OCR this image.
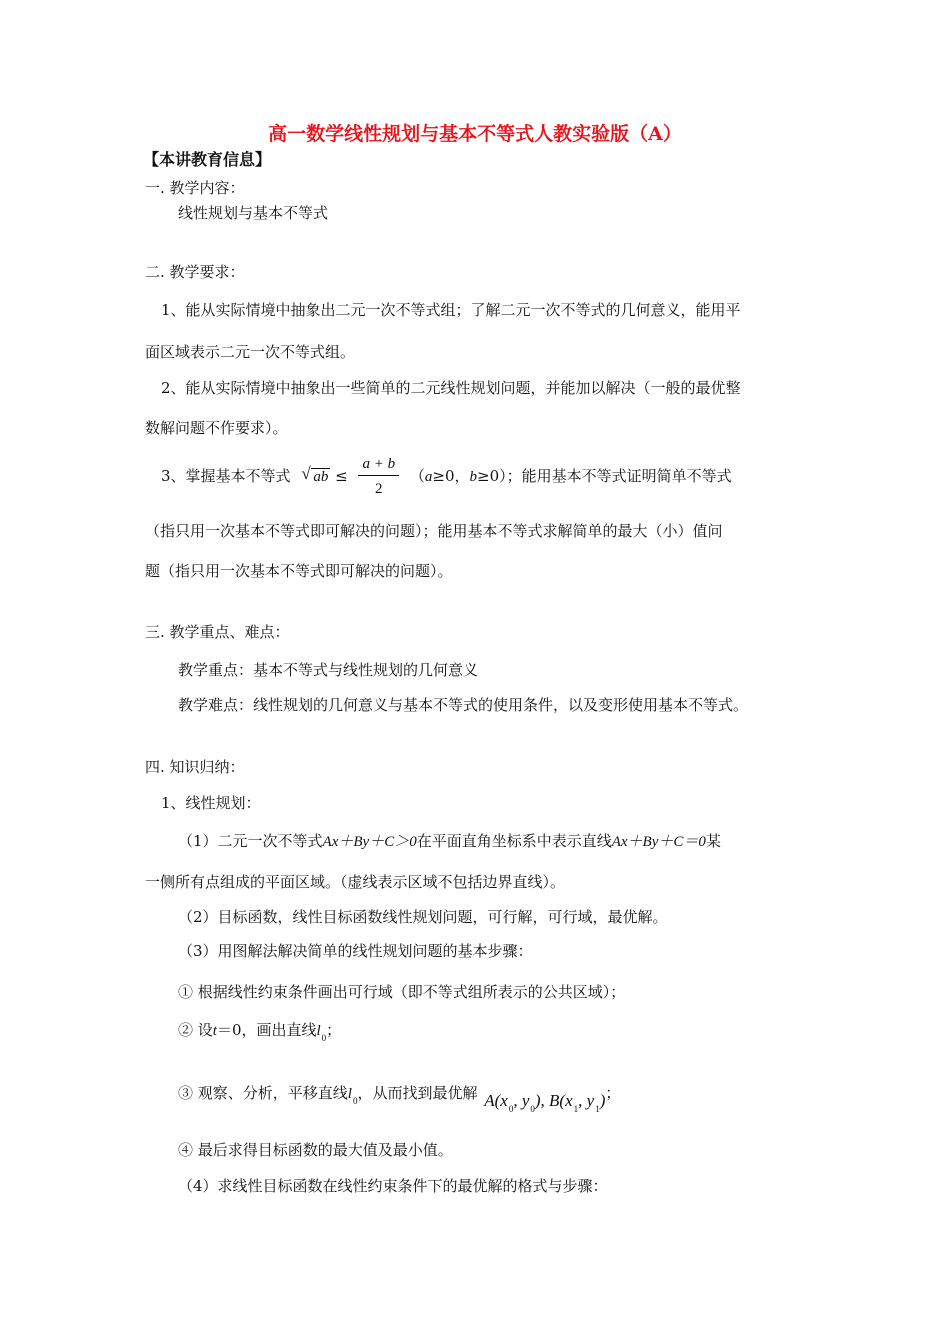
高一数学线性规划与基本不等式人教实验版（A）
【本讲教育信息】
一. 教学内容：
线性规划与基本不等式
二. 教学要求：
1、能从实际情境中抽象出二元一次不等式组；了解二元一次不等式的几何意义，能用平
面区域表示二元一次不等式组。
2、能从实际情境中抽象出一些简单的二元线性规划问题，并能加以解决（一般的最优整
数解问题不作要求）。
3、掌握基本不等式 √ ab ≤ $\frac{a + b}{2} (a\ge 0$，b≥0）；能用基本不等式证明简单不等式
（指只用一次基本不等式即可解决的问题）；能用基本不等式求解简单的最大（小）值问
题（指只用一次基本不等式即可解决的问题）。
三. 教学重点、难点：
教学重点：基本不等式与线性规划的几何意义
教学难点：线性规划的几何意义与基本不等式的使用条件，以及变形使用基本不等式。
四. 知识归纳：
1、线性规划：
（1）二元一次不等式Ax＋By＋C＞0在平面直角坐标系中表示直线Ax＋By＋C＝0某
一侧所有点组成的平面区域。（虚线表示区域不包括边界直线）。
（2）目标函数，线性目标函数线性规划问题，可行解，可行域，最优解。
（3）用图解法解决简单的线性规划问题的基本步骤：
① 根据线性约束条件画出可行域（即不等式组所表示的公共区域）；
② 设t＝0，画出直线$l_0$；
③ 观察、分析，平移直线$l_0$，从而找到最优解 $A(x_0$, $y_0$), $B(x_1$, $y_1$)；
④ 最后求得目标函数的最大值及最小值。
（4）求线性目标函数在线性约束条件下的最优解的格式与步骤：
